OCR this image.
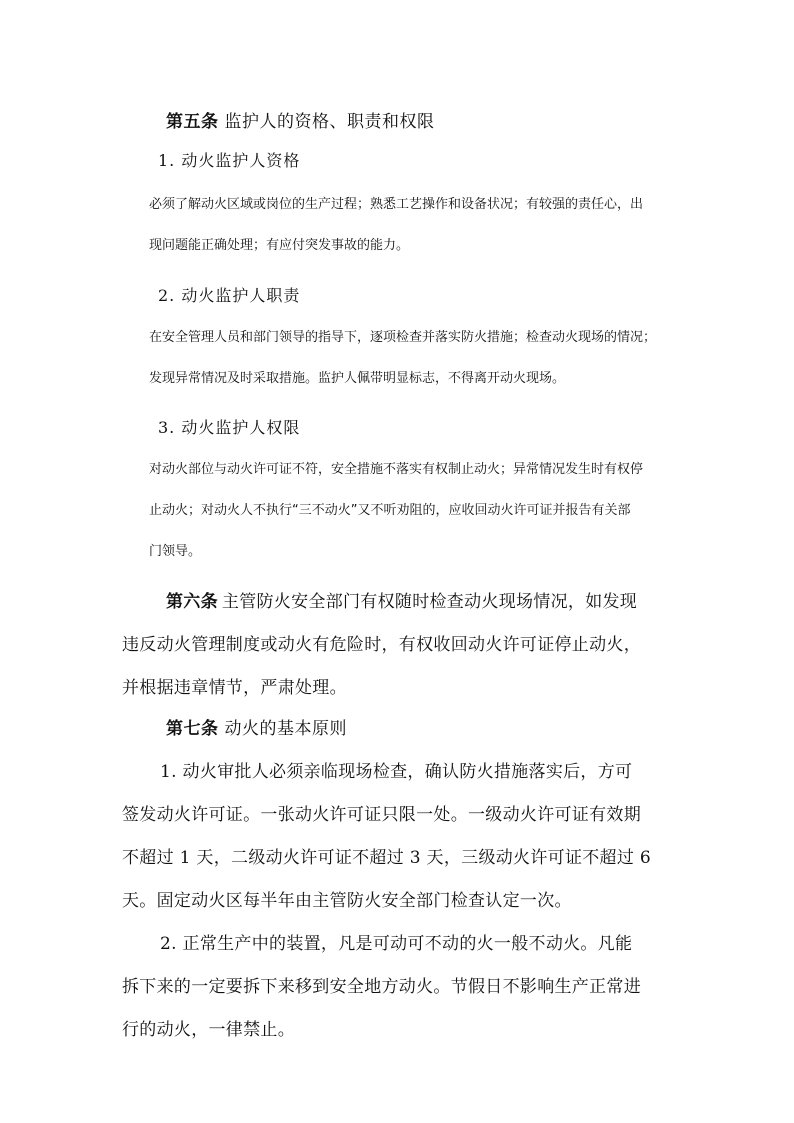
第五条 监护人的资格、职责和权限
1. 动火监护人资格
必须了解动火区域或岗位的生产过程；熟悉工艺操作和设备状况；有较强的责任心，出
现问题能正确处理；有应付突发事故的能力。
2. 动火监护人职责
在安全管理人员和部门领导的指导下，逐项检查并落实防火措施；检查动火现场的情况；
发现异常情况及时采取措施。监护人佩带明显标志，不得离开动火现场。
3. 动火监护人权限
对动火部位与动火许可证不符，安全措施不落实有权制止动火；异常情况发生时有权停
止动火；对动火人不执行“三不动火”又不听劝阻的，应收回动火许可证并报告有关部
门领导。
第六条 主管防火安全部门有权随时检查动火现场情况，如发现
违反动火管理制度或动火有危险时，有权收回动火许可证停止动火，
并根据违章情节，严肃处理。
第七条 动火的基本原则
1. 动火审批人必须亲临现场检查，确认防火措施落实后，方可
签发动火许可证。一张动火许可证只限一处。一级动火许可证有效期
不超过 1 天，二级动火许可证不超过 3 天，三级动火许可证不超过 6
天。固定动火区每半年由主管防火安全部门检查认定一次。
2. 正常生产中的装置，凡是可动可不动的火一般不动火。凡能
拆下来的一定要拆下来移到安全地方动火。节假日不影响生产正常进
行的动火，一律禁止。
